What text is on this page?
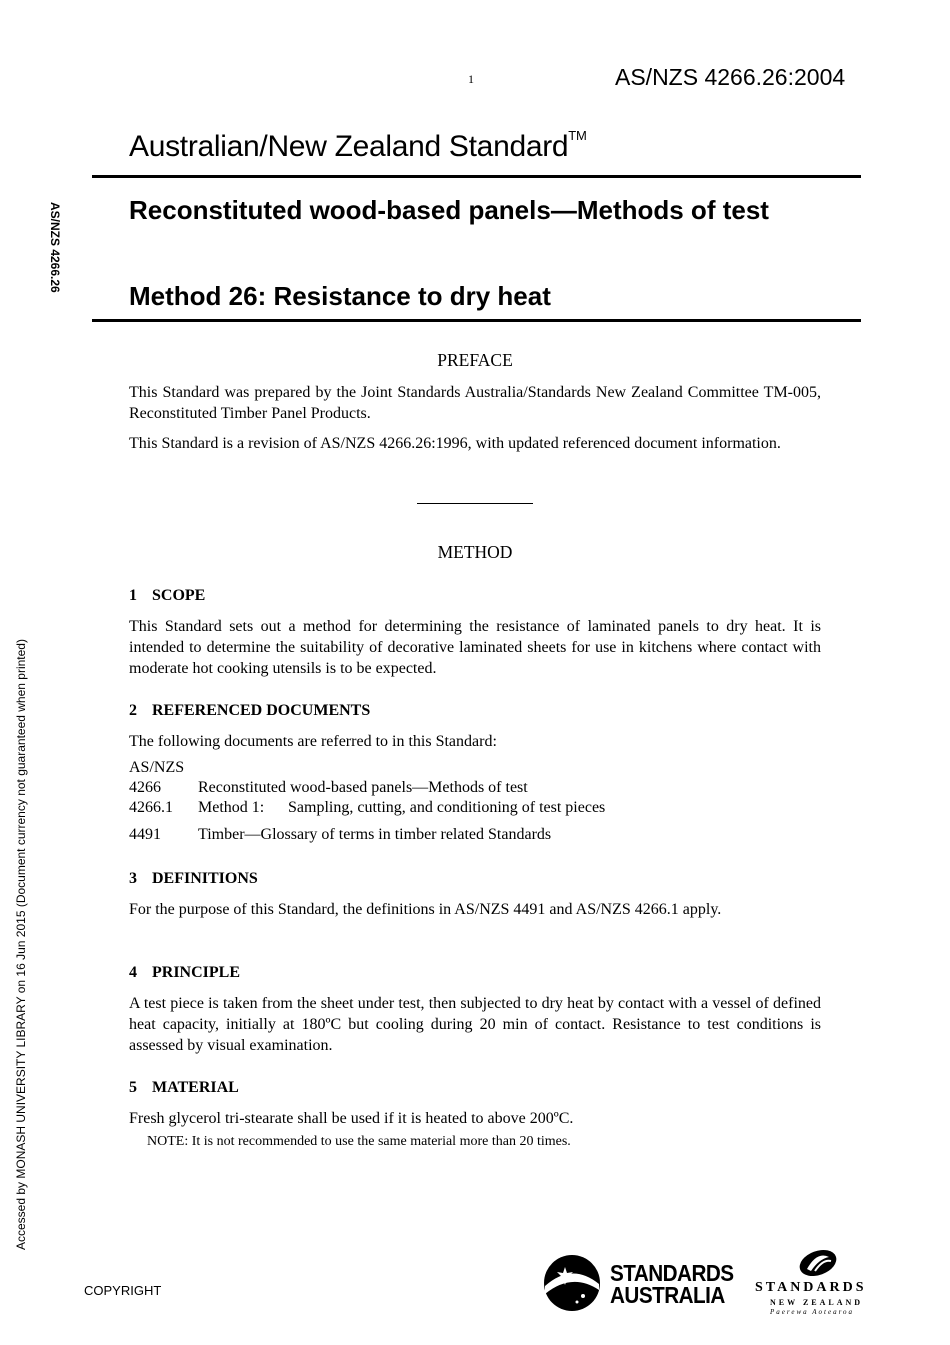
1	AS/NZS 4266.26:2004
Australian/New Zealand Standard™
Reconstituted wood-based panels—Methods of test
Method 26: Resistance to dry heat
AS/NZS 4266.26
Accessed by MONASH UNIVERSITY LIBRARY on 16 Jun 2015 (Document currency not guaranteed when printed)
PREFACE
This Standard was prepared by the Joint Standards Australia/Standards New Zealand Committee TM-005, Reconstituted Timber Panel Products.
This Standard is a revision of AS/NZS 4266.26:1996, with updated referenced document information.
METHOD
1 SCOPE
This Standard sets out a method for determining the resistance of laminated panels to dry heat. It is intended to determine the suitability of decorative laminated sheets for use in kitchens where contact with moderate hot cooking utensils is to be expected.
2 REFERENCED DOCUMENTS
The following documents are referred to in this Standard:
AS/NZS
4266 Reconstituted wood-based panels—Methods of test
4266.1 Method 1: Sampling, cutting, and conditioning of test pieces
4491 Timber—Glossary of terms in timber related Standards
3 DEFINITIONS
For the purpose of this Standard, the definitions in AS/NZS 4491 and AS/NZS 4266.1 apply.
4 PRINCIPLE
A test piece is taken from the sheet under test, then subjected to dry heat by contact with a vessel of defined heat capacity, initially at 180ºC but cooling during 20 min of contact. Resistance to test conditions is assessed by visual examination.
5 MATERIAL
Fresh glycerol tri-stearate shall be used if it is heated to above 200ºC.
NOTE: It is not recommended to use the same material more than 20 times.
COPYRIGHT
STANDARDS
AUSTRALIA	STANDARDS
NEW ZEALAND
Paerewa Aotearoa
